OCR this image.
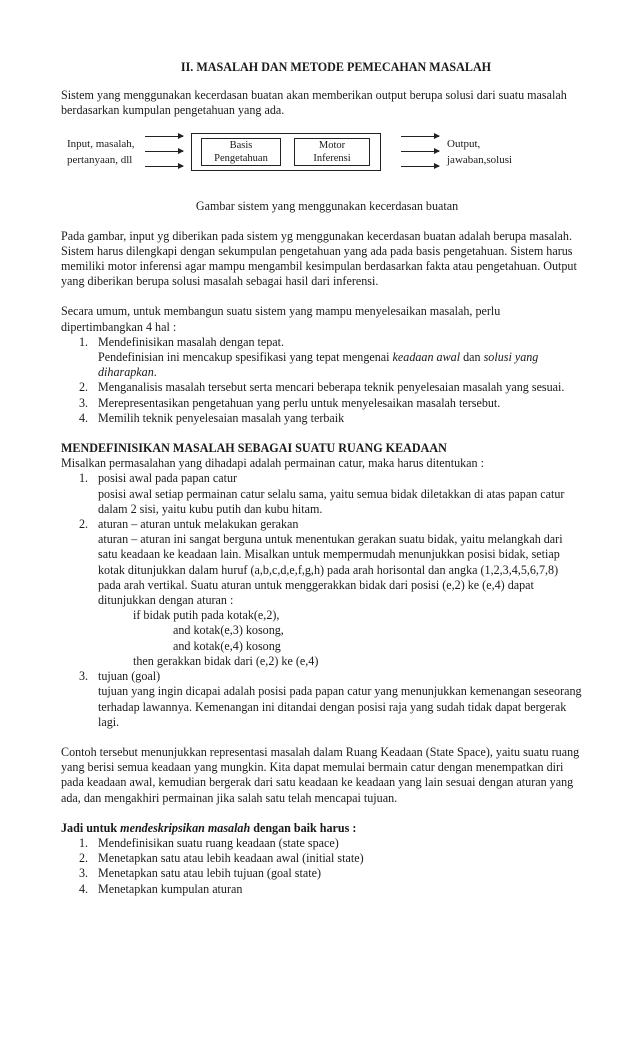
II. MASALAH DAN METODE PEMECAHAN MASALAH

Sistem yang menggunakan kecerdasan buatan akan memberikan output berupa solusi dari suatu masalah berdasarkan kumpulan pengetahuan yang ada.

Input, masalah,
pertanyaan, dll
Basis
Pengetahuan
Motor
Inferensi
Output,
jawaban,solusi

Gambar sistem yang menggunakan kecerdasan buatan

Pada gambar, input yg diberikan pada sistem yg menggunakan kecerdasan buatan adalah berupa masalah. Sistem harus dilengkapi dengan sekumpulan pengetahuan yang ada pada basis pengetahuan. Sistem harus memiliki motor inferensi agar mampu mengambil kesimpulan berdasarkan fakta atau pengetahuan. Output yang diberikan berupa solusi masalah sebagai hasil dari inferensi.

Secara umum, untuk membangun suatu sistem yang mampu menyelesaikan masalah, perlu dipertimbangkan 4 hal :

1. Mendefinisikan masalah dengan tepat.
Pendefinisian ini mencakup spesifikasi yang tepat mengenai keadaan awal dan solusi yang diharapkan.
2. Menganalisis masalah tersebut serta mencari beberapa teknik penyelesaian masalah yang sesuai.
3. Merepresentasikan pengetahuan yang perlu untuk menyelesaikan masalah tersebut.
4. Memilih teknik penyelesaian masalah yang terbaik

MENDEFINISIKAN MASALAH SEBAGAI SUATU RUANG KEADAAN

Misalkan permasalahan yang dihadapi adalah permainan catur, maka harus ditentukan :

1. posisi awal pada papan catur
posisi awal setiap permainan catur selalu sama, yaitu semua bidak diletakkan di atas papan catur dalam 2 sisi, yaitu kubu putih dan kubu hitam.
2. aturan – aturan untuk melakukan gerakan
aturan – aturan ini sangat berguna untuk menentukan gerakan suatu bidak, yaitu melangkah dari satu keadaan ke keadaan lain. Misalkan untuk mempermudah menunjukkan posisi bidak, setiap kotak ditunjukkan dalam huruf (a,b,c,d,e,f,g,h) pada arah horisontal dan angka (1,2,3,4,5,6,7,8) pada arah vertikal. Suatu aturan untuk menggerakkan bidak dari posisi (e,2) ke (e,4) dapat ditunjukkan dengan aturan :
if bidak putih pada kotak(e,2),
and kotak(e,3) kosong,
and kotak(e,4) kosong
then gerakkan bidak dari (e,2) ke (e,4)
3. tujuan (goal)
tujuan yang ingin dicapai adalah posisi pada papan catur yang menunjukkan kemenangan seseorang terhadap lawannya. Kemenangan ini ditandai dengan posisi raja yang sudah tidak dapat bergerak lagi.

Contoh tersebut menunjukkan representasi masalah dalam Ruang Keadaan (State Space), yaitu suatu ruang yang berisi semua keadaan yang mungkin. Kita dapat memulai bermain catur dengan menempatkan diri pada keadaan awal, kemudian bergerak dari satu keadaan ke keadaan yang lain sesuai dengan aturan yang ada, dan mengakhiri permainan jika salah satu telah mencapai tujuan.

Jadi untuk mendeskripsikan masalah dengan baik harus :

1. Mendefinisikan suatu ruang keadaan (state space)
2. Menetapkan satu atau lebih keadaan awal (initial state)
3. Menetapkan satu atau lebih tujuan (goal state)
4. Menetapkan kumpulan aturan
